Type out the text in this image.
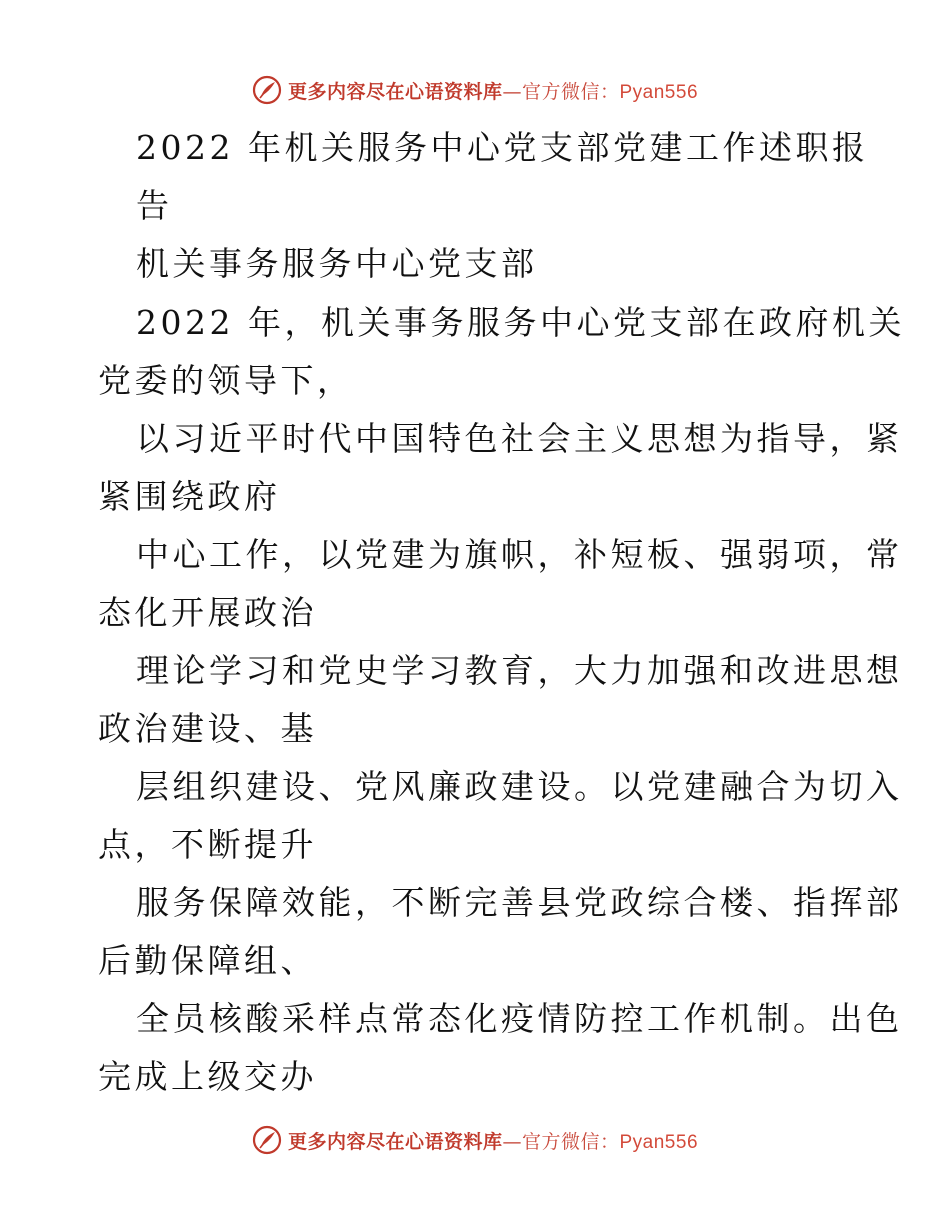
更多内容尽在心语资料库—官方微信：Pyan556
2022 年机关服务中心党支部党建工作述职报
告
机关事务服务中心党支部
2022 年，机关事务服务中心党支部在政府机关
党委的领导下，
以习近平时代中国特色社会主义思想为指导，紧
紧围绕政府
中心工作，以党建为旗帜，补短板、强弱项，常
态化开展政治
理论学习和党史学习教育，大力加强和改进思想
政治建设、基
层组织建设、党风廉政建设。以党建融合为切入
点，不断提升
服务保障效能，不断完善县党政综合楼、指挥部
后勤保障组、
全员核酸采样点常态化疫情防控工作机制。出色
完成上级交办
更多内容尽在心语资料库—官方微信：Pyan556
